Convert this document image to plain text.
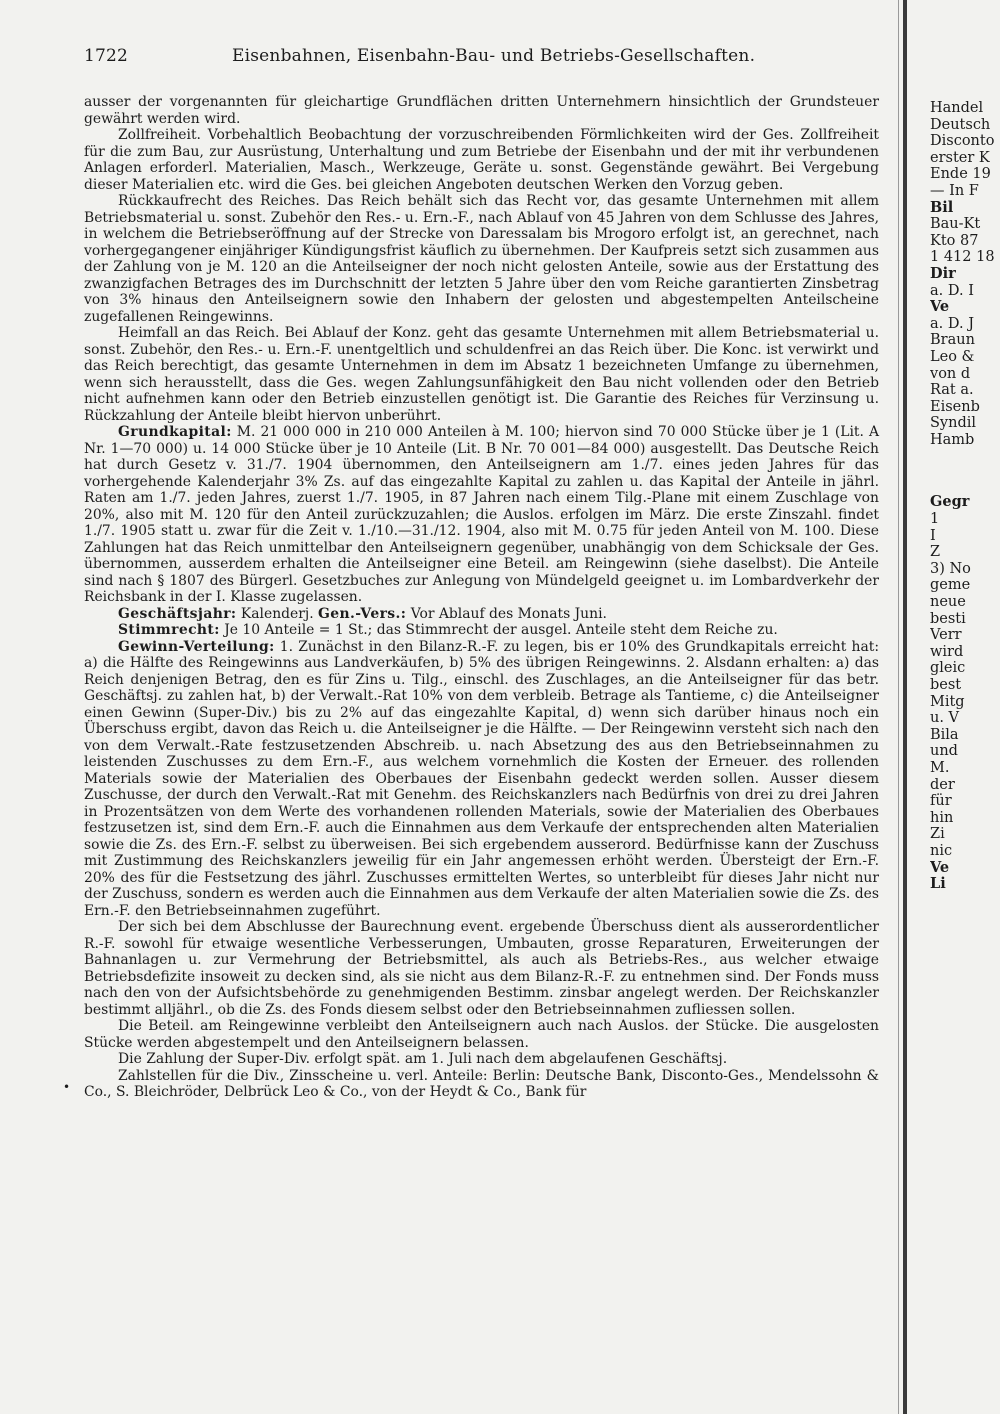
1722	Eisenbahnen, Eisenbahn-Bau- und Betriebs-Gesellschaften.

ausser der vorgenannten für gleichartige Grundflächen dritten Unternehmern hinsichtlich der Grundsteuer gewährt werden wird.

Zollfreiheit. Vorbehaltlich Beobachtung der vorzuschreibenden Förmlichkeiten wird der Ges. Zollfreiheit für die zum Bau, zur Ausrüstung, Unterhaltung und zum Betriebe der Eisenbahn und der mit ihr verbundenen Anlagen erforderl. Materialien, Masch., Werkzeuge, Geräte u. sonst. Gegenstände gewährt. Bei Vergebung dieser Materialien etc. wird die Ges. bei gleichen Angeboten deutschen Werken den Vorzug geben.

Rückkaufrecht des Reiches. Das Reich behält sich das Recht vor, das gesamte Unternehmen mit allem Betriebsmaterial u. sonst. Zubehör den Res.- u. Ern.-F., nach Ablauf von 45 Jahren von dem Schlusse des Jahres, in welchem die Betriebseröffnung auf der Strecke von Daressalam bis Mrogoro erfolgt ist, an gerechnet, nach vorhergegangener einjähriger Kündigungsfrist käuflich zu übernehmen. Der Kaufpreis setzt sich zusammen aus der Zahlung von je M. 120 an die Anteilseigner der noch nicht gelosten Anteile, sowie aus der Erstattung des zwanzigfachen Betrages des im Durchschnitt der letzten 5 Jahre über den vom Reiche garantierten Zinsbetrag von 3% hinaus den Anteilseignern sowie den Inhabern der gelosten und abgestempelten Anteilscheine zugefallenen Reingewinns.

Heimfall an das Reich. Bei Ablauf der Konz. geht das gesamte Unternehmen mit allem Betriebsmaterial u. sonst. Zubehör, den Res.- u. Ern.-F. unentgeltlich und schuldenfrei an das Reich über. Die Konc. ist verwirkt und das Reich berechtigt, das gesamte Unternehmen in dem im Absatz 1 bezeichneten Umfange zu übernehmen, wenn sich herausstellt, dass die Ges. wegen Zahlungsunfähigkeit den Bau nicht vollenden oder den Betrieb nicht aufnehmen kann oder den Betrieb einzustellen genötigt ist. Die Garantie des Reiches für Verzinsung u. Rückzahlung der Anteile bleibt hiervon unberührt.

Grundkapital: M. 21 000 000 in 210 000 Anteilen à M. 100; hiervon sind 70 000 Stücke über je 1 (Lit. A Nr. 1—70 000) u. 14 000 Stücke über je 10 Anteile (Lit. B Nr. 70 001—84 000) ausgestellt. Das Deutsche Reich hat durch Gesetz v. 31./7. 1904 übernommen, den Anteilseignern am 1./7. eines jeden Jahres für das vorhergehende Kalenderjahr 3% Zs. auf das eingezahlte Kapital zu zahlen u. das Kapital der Anteile in jährl. Raten am 1./7. jeden Jahres, zuerst 1./7. 1905, in 87 Jahren nach einem Tilg.-Plane mit einem Zuschlage von 20%, also mit M. 120 für den Anteil zurückzuzahlen; die Auslos. erfolgen im März. Die erste Zinszahl. findet 1./7. 1905 statt u. zwar für die Zeit v. 1./10.—31./12. 1904, also mit M. 0.75 für jeden Anteil von M. 100. Diese Zahlungen hat das Reich unmittelbar den Anteilseignern gegenüber, unabhängig von dem Schicksale der Ges. übernommen, ausserdem erhalten die Anteilseigner eine Beteil. am Reingewinn (siehe daselbst). Die Anteile sind nach § 1807 des Bürgerl. Gesetzbuches zur Anlegung von Mündelgeld geeignet u. im Lombardverkehr der Reichsbank in der I. Klasse zugelassen.

Geschäftsjahr: Kalenderj. Gen.-Vers.: Vor Ablauf des Monats Juni.

Stimmrecht: Je 10 Anteile = 1 St.; das Stimmrecht der ausgel. Anteile steht dem Reiche zu.

Gewinn-Verteilung: 1. Zunächst in den Bilanz-R.-F. zu legen, bis er 10% des Grundkapitals erreicht hat: a) die Hälfte des Reingewinns aus Landverkäufen, b) 5% des übrigen Reingewinns. 2. Alsdann erhalten: a) das Reich denjenigen Betrag, den es für Zins u. Tilg., einschl. des Zuschlages, an die Anteilseigner für das betr. Geschäftsj. zu zahlen hat, b) der Verwalt.-Rat 10% von dem verbleib. Betrage als Tantieme, c) die Anteilseigner einen Gewinn (Super-Div.) bis zu 2% auf das eingezahlte Kapital, d) wenn sich darüber hinaus noch ein Überschuss ergibt, davon das Reich u. die Anteilseigner je die Hälfte. — Der Reingewinn versteht sich nach den von dem Verwalt.-Rate festzusetzenden Abschreib. u. nach Absetzung des aus den Betriebseinnahmen zu leistenden Zuschusses zu dem Ern.-F., aus welchem vornehmlich die Kosten der Erneuer. des rollenden Materials sowie der Materialien des Oberbaues der Eisenbahn gedeckt werden sollen. Ausser diesem Zuschusse, der durch den Verwalt.-Rat mit Genehm. des Reichskanzlers nach Bedürfnis von drei zu drei Jahren in Prozentsätzen von dem Werte des vorhandenen rollenden Materials, sowie der Materialien des Oberbaues festzusetzen ist, sind dem Ern.-F. auch die Einnahmen aus dem Verkaufe der entsprechenden alten Materialien sowie die Zs. des Ern.-F. selbst zu überweisen. Bei sich ergebendem ausserord. Bedürfnisse kann der Zuschuss mit Zustimmung des Reichskanzlers jeweilig für ein Jahr angemessen erhöht werden. Übersteigt der Ern.-F. 20% des für die Festsetzung des jährl. Zuschusses ermittelten Wertes, so unterbleibt für dieses Jahr nicht nur der Zuschuss, sondern es werden auch die Einnahmen aus dem Verkaufe der alten Materialien sowie die Zs. des Ern.-F. den Betriebseinnahmen zugeführt.

Der sich bei dem Abschlusse der Baurechnung event. ergebende Überschuss dient als ausserordentlicher R.-F. sowohl für etwaige wesentliche Verbesserungen, Umbauten, grosse Reparaturen, Erweiterungen der Bahnanlagen u. zur Vermehrung der Betriebsmittel, als auch als Betriebs-Res., aus welcher etwaige Betriebsdefizite insoweit zu decken sind, als sie nicht aus dem Bilanz-R.-F. zu entnehmen sind. Der Fonds muss nach den von der Aufsichtsbehörde zu genehmigenden Bestimm. zinsbar angelegt werden. Der Reichskanzler bestimmt alljährl., ob die Zs. des Fonds diesem selbst oder den Betriebseinnahmen zufliessen sollen.

Die Beteil. am Reingewinne verbleibt den Anteilseignern auch nach Auslos. der Stücke. Die ausgelosten Stücke werden abgestempelt und den Anteilseignern belassen.

Die Zahlung der Super-Div. erfolgt spät. am 1. Juli nach dem abgelaufenen Geschäftsj.

Zahlstellen für die Div., Zinsscheine u. verl. Anteile: Berlin: Deutsche Bank, Disconto-Ges., Mendelssohn & Co., S. Bleichröder, Delbrück Leo & Co., von der Heydt & Co., Bank für

•
Handel
Deutsch
Disconto
erster K
Ende 19
— In F
Bil
Bau-Kt
Kto 87
1 412 18
Dir
a. D. I
Ve
a. D. J
Braun
Leo &
von d
Rat a.
Eisenb
Syndil
Hamb
Gegr
1
I
Z
3) No
geme
neue
besti
Verr
wird
gleic
best
Mitg
u. V
Bila
und
M.
der
für
hin
Zi
nic
Ve
Li
